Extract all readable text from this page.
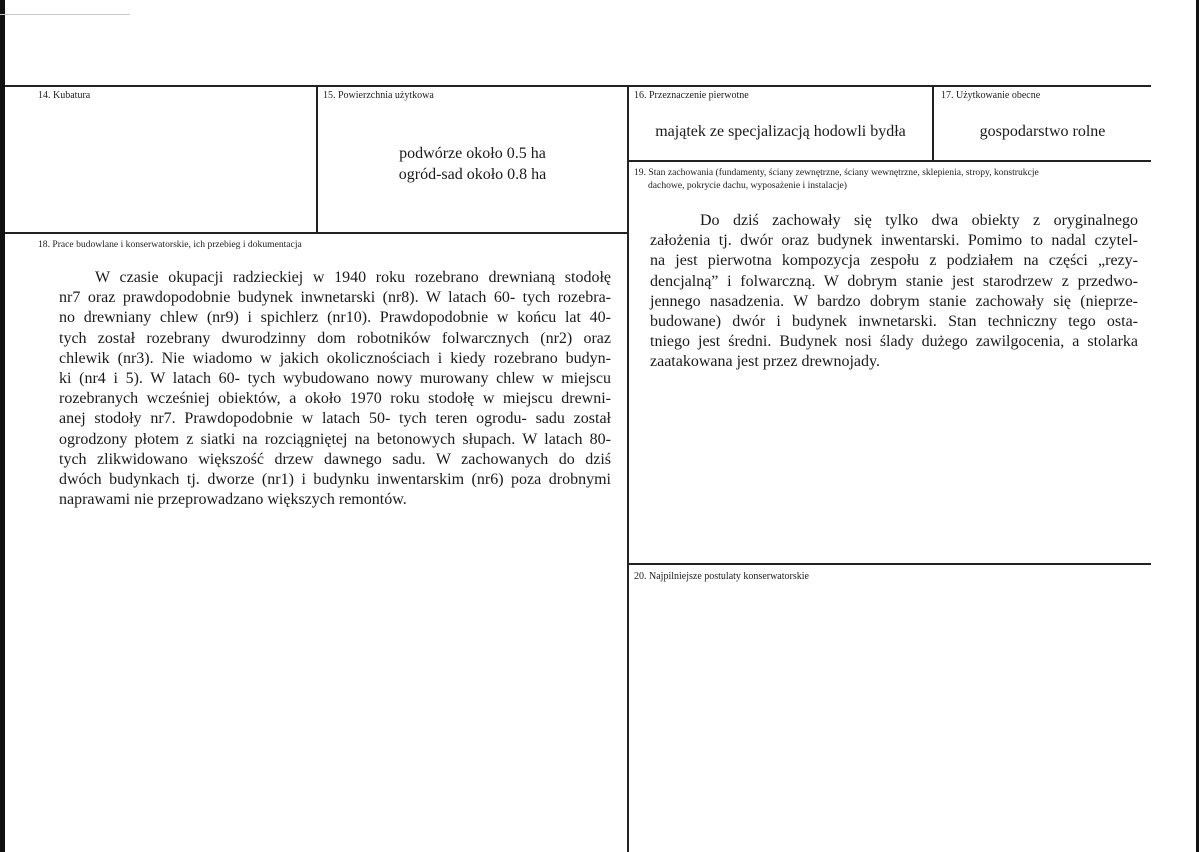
14. Kubatura	15. Powierzchnia użytkowa
podwórze około 0.5 ha
ogród-sad około 0.8 ha
16. Przeznaczenie pierwotne
majątek ze specjalizacją hodowli bydła
17. Użytkowanie obecne
gospodarstwo rolne
19. Stan zachowania (fundamenty, ściany zewnętrzne, ściany wewnętrzne, sklepienia, stropy, konstrukcje
dachowe, pokrycie dachu, wyposażenie i instalacje)
Do dziś zachowały się tylko dwa obiekty z oryginalnego
założenia tj. dwór oraz budynek inwentarski. Pomimo to nadal czytel-
na jest pierwotna kompozycja zespołu z podziałem na części „rezy-
dencjalną” i folwarczną. W dobrym stanie jest starodrzew z przedwo-
jennego nasadzenia. W bardzo dobrym stanie zachowały się (nieprze-
budowane) dwór i budynek inwnetarski. Stan techniczny tego osta-
tniego jest średni. Budynek nosi ślady dużego zawilgocenia, a stolarka
zaatakowana jest przez drewnojady.
18. Prace budowlane i konserwatorskie, ich przebieg i dokumentacja
W czasie okupacji radzieckiej w 1940 roku rozebrano drewnianą stodołę
nr7 oraz prawdopodobnie budynek inwnetarski (nr8). W latach 60- tych rozebra-
no drewniany chlew (nr9) i spichlerz (nr10). Prawdopodobnie w końcu lat 40-
tych został rozebrany dwurodzinny dom robotników folwarcznych (nr2) oraz
chlewik (nr3). Nie wiadomo w jakich okolicznościach i kiedy rozebrano budyn-
ki (nr4 i 5). W latach 60- tych wybudowano nowy murowany chlew w miejscu
rozebranych wcześniej obiektów, a około 1970 roku stodołę w miejscu drewni-
anej stodoły nr7. Prawdopodobnie w latach 50- tych teren ogrodu- sadu został
ogrodzony płotem z siatki na rozciągniętej na betonowych słupach. W latach 80-
tych zlikwidowano większość drzew dawnego sadu. W zachowanych do dziś
dwóch budynkach tj. dworze (nr1) i budynku inwentarskim (nr6) poza drobnymi
naprawami nie przeprowadzano większych remontów.
20. Najpilniejsze postulaty konserwatorskie
